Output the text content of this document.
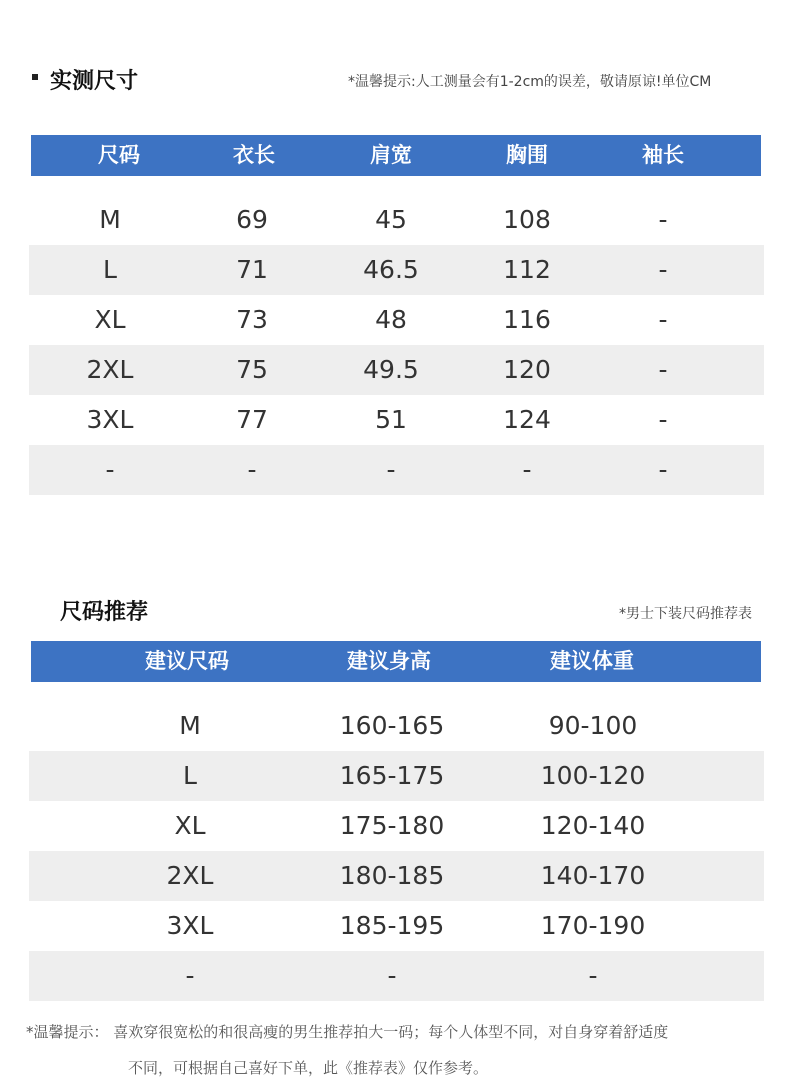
实测尺寸	*温馨提示:人工测量会有1-2cm的误差，敬请原谅!单位CM
尺码	衣长	肩宽	胸围	袖长
M	69	45	108	-
L	71	46.5	112	-
XL	73	48	116	-
2XL	75	49.5	120	-
3XL	77	51	124	-
-	-	-	-	-
尺码推荐	*男士下装尺码推荐表
建议尺码	建议身高	建议体重
M	160-165	90-100
L	165-175	100-120
XL	175-180	120-140
2XL	180-185	140-170
3XL	185-195	170-190
-	-	-
*温馨提示： 喜欢穿很宽松的和很高瘦的男生推荐拍大一码；每个人体型不同，对自身穿着舒适度
不同，可根据自己喜好下单，此《推荐表》仅作参考。
